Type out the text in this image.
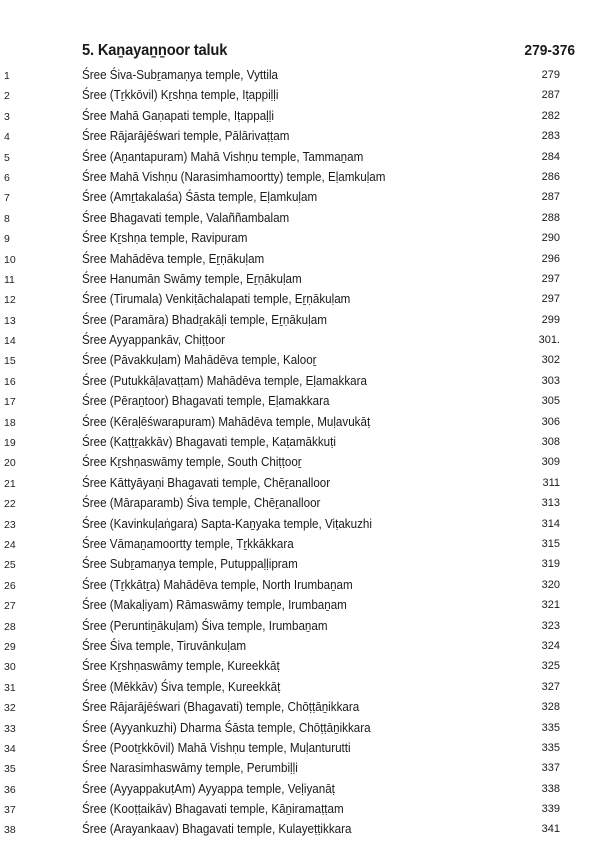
5. Kaṉayaṉṉoor taluk	279-376
1	Śree Śiva-Subṟamaṇya temple, Vyttila	279
2	Śree (Tṟkkōvil) Kṟshṇa temple, Iṭappiḷḷi	287
3	Śree Mahā Gaṇapati temple, Iṭappaḷḷi	282
4	Śree Rājarājēśwari temple, Pālārivaṭṭam	283
5	Śree (Aṉantapuram) Mahā Vishṇu temple, Tammaṉam	284
6	Śree Mahā Vishṇu (Narasimhamoortty) temple, Eḷamkuḷam	286
7	Śree (Amṟtakalaśa) Śāsta temple, Eḷamkuḷam	287
8	Śree Bhagavati temple, Valaññambalam	288
9	Śree Kṟshṇa temple, Ravipuram	290
10	Śree Mahādēva temple, Eṟṇākuḷam	296
11	Śree Hanumān Swāmy temple, Eṟṇākuḷam	297
12	Śree (Tirumala) Venkiṭāchalapati temple, Eṟṇākuḷam	297
13	Śree (Paramāra) Bhadṟakāḷi temple, Eṟṇākuḷam	299
14	Śree Ayyappankāv, Chiṭṭoor	301.
15	Śree (Pāvakkuḷam) Mahādēva temple, Kalooṟ	302
16	Śree (Putukkāḷavaṭṭam) Mahādēva temple, Eḷamakkara	303
17	Śree (Pēraṉtoor) Bhagavati temple, Eḷamakkara	305
18	Śree (Kēraḷēśwarapuram) Mahādēva temple, Muḷavukāṭ	306
19	Śree (Kaṭṭṟakkāv) Bhagavati temple, Kaṭamākkuṭi	308
20	Śree Kṟshṇaswāmy temple, South Chiṭṭooṟ	309
21	Śree Kāttyāyaṇi Bhagavati temple, Chēṟanalloor	311
22	Śree (Māraparamb) Śiva temple, Chēṟanalloor	313
23	Śree (Kavinkuḷaṅgara) Sapta-Kaṉyaka temple, Viṭakuzhi	314
24	Śree Vāmaṉamoortty temple, Tṟkkākkara	315
25	Śree Subṟamaṇya temple, Putuppaḷḷipram	319
26	Śree (Tṟkkātṟa) Mahādēva temple, North Irumbaṉam	320
27	Śree (Makaḷiyam) Rāmaswāmy temple, Irumbaṉam	321
28	Śree (Peruntiṉākuḷam) Śiva temple, Irumbaṉam	323
29	Śree Śiva temple, Tiruvānkuḷam	324
30	Śree Kṟshṇaswāmy temple, Kureekkāṭ	325
31	Śree (Mēkkāv) Śiva temple, Kureekkāṭ	327
32	Śree Rājarājēśwari (Bhagavati) temple, Chōṭṭāṉikkara	328
33	Śree (Ayyankuzhi) Dharma Śāsta temple, Chōṭṭāṉikkara	335
34	Śree (Pootṟkkōvil) Mahā Vishṇu temple, Muḷanturutti	335
35	Śree Narasimhaswāmy temple, Perumbiḷḷi	337
36	Śree (AyyappakuṭAm) Ayyappa temple, Veḷiyanāṭ	338
37	Śree (Kooṭṭaikāv) Bhagavati temple, Kāṉiramaṭṭam	339
38	Śree (Arayankaav) Bhagavati temple, Kulayeṭṭikkara	341
